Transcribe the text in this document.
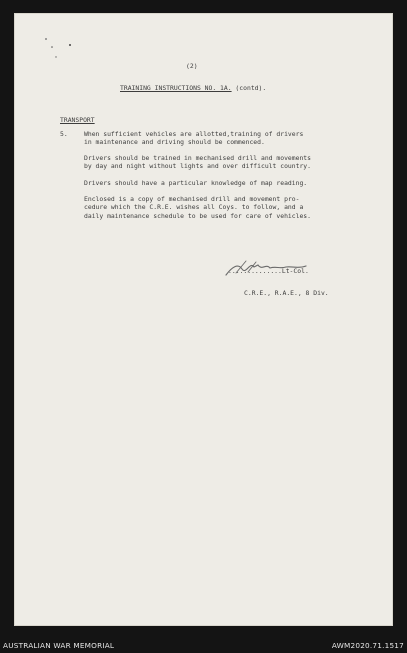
(2)
TRAINING INSTRUCTIONS NO. 1A. (contd).
TRANSPORT
5.	When sufficient vehicles are allotted,training of drivers
in maintenance and driving should be commenced.
Drivers should be trained in mechanised drill and movements
by day and night without lights and over difficult country.
Drivers should have a particular knowledge of map reading.
Enclosed is a copy of mechanised drill and movement pro-
cedure which the C.R.E. wishes all Coys. to follow, and a
daily maintenance schedule to be used for care of vehicles.
..............Lt-Col.
C.R.E., R.A.E., 8 Div.
AUSTRALIAN WAR MEMORIAL	AWM2020.71.1517
